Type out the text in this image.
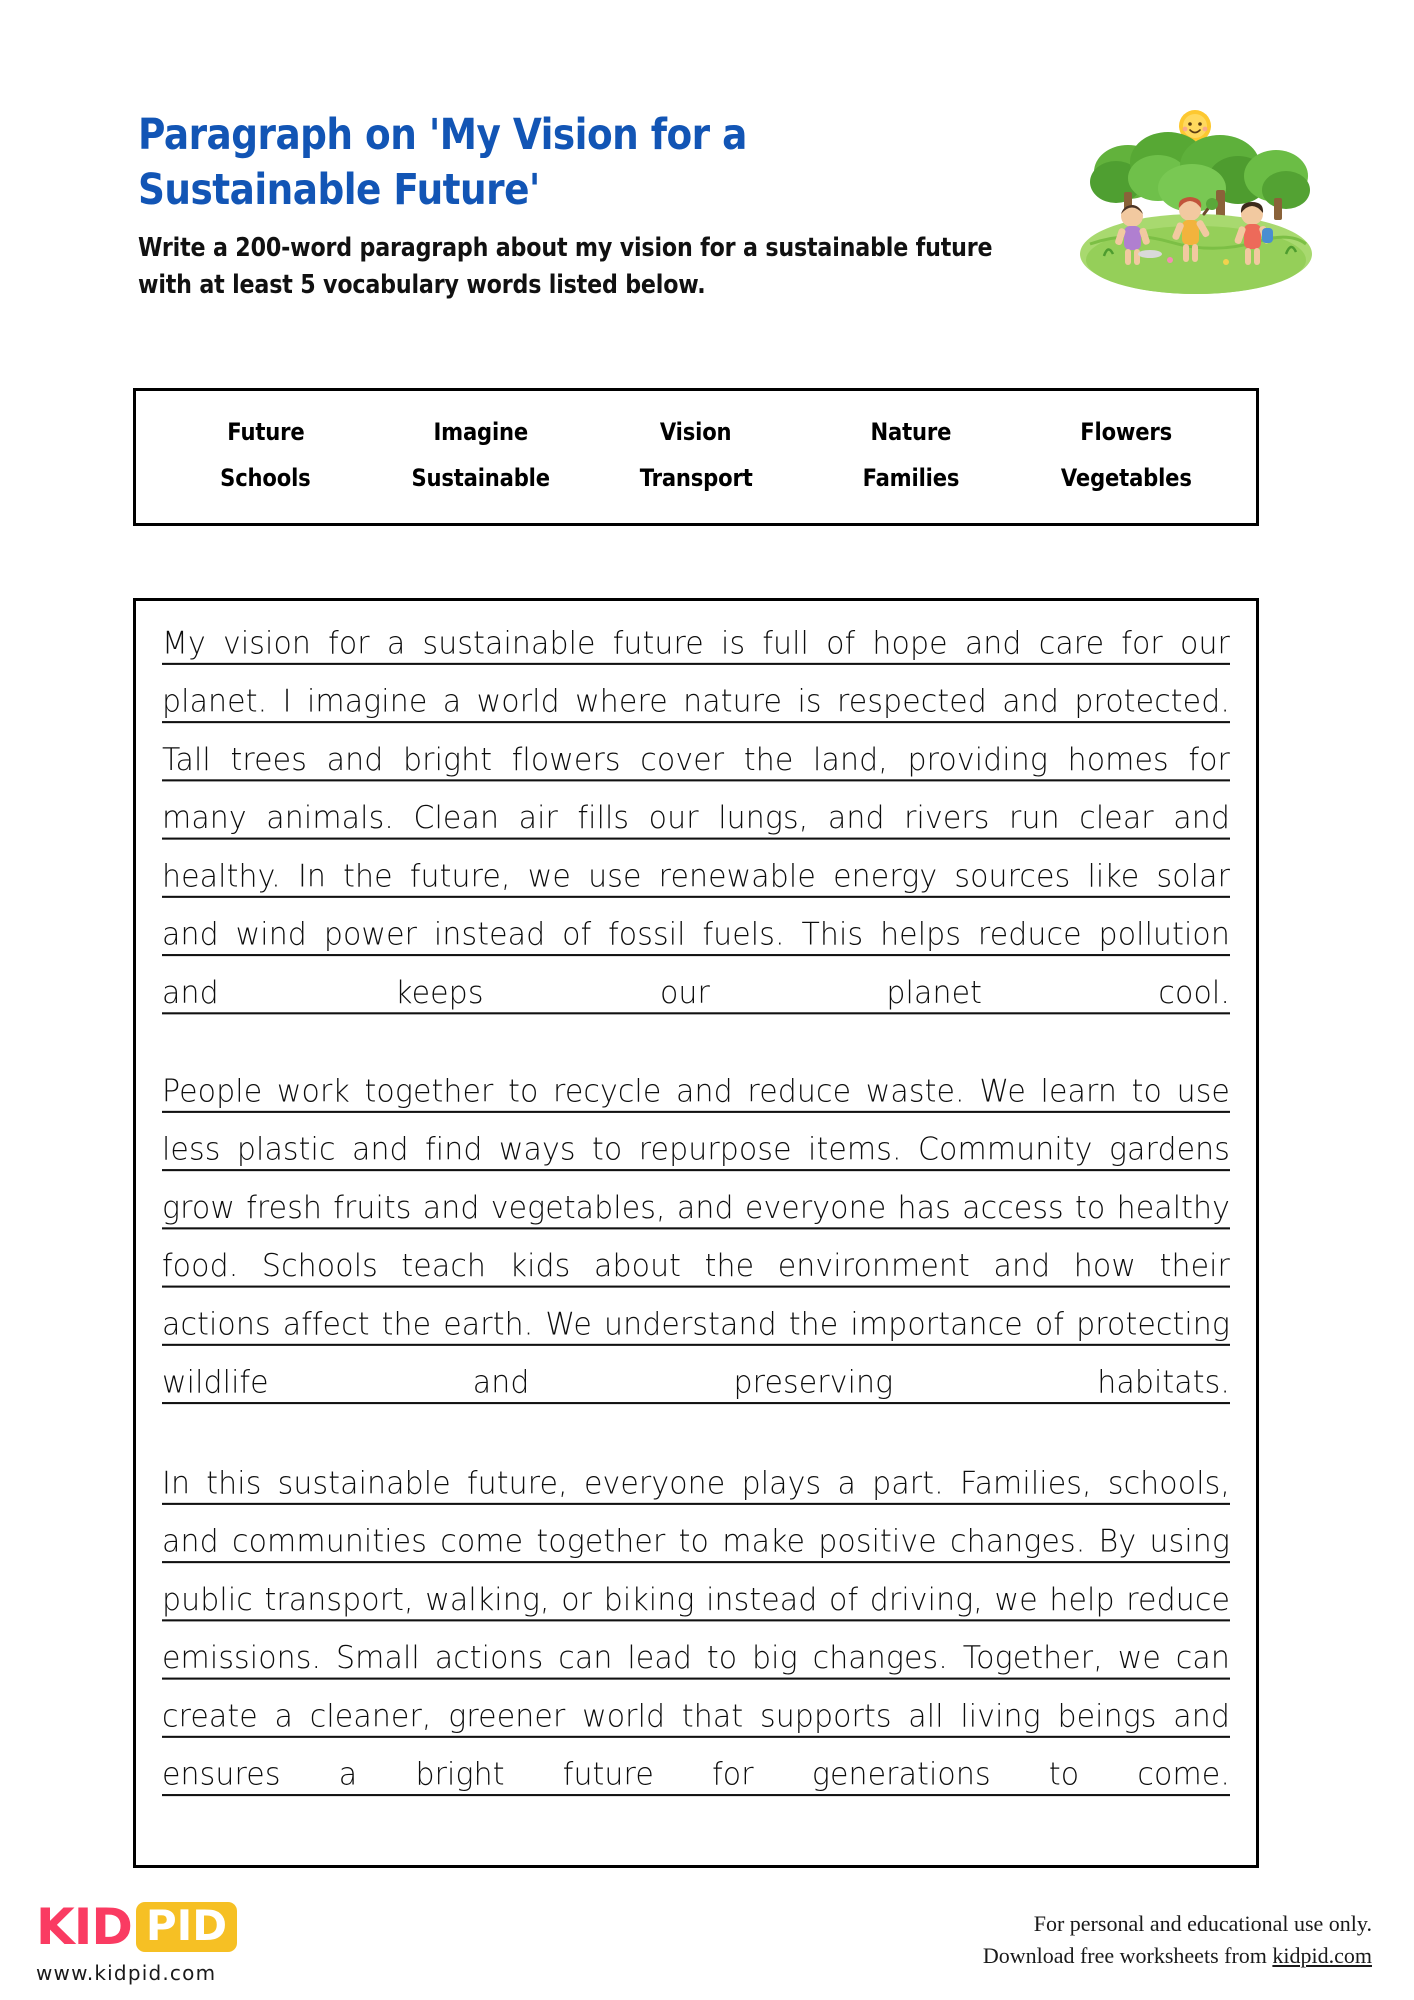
Paragraph on 'My Vision for a Sustainable Future'
Write a 200-word paragraph about my vision for a sustainable future with at least 5 vocabulary words listed below.
Future	Imagine	Vision	Nature	Flowers
Schools	Sustainable	Transport	Families	Vegetables

My vision for a sustainable future is full of hope and care for our planet. I imagine a world where nature is respected and protected. Tall trees and bright flowers cover the land, providing homes for many animals. Clean air fills our lungs, and rivers run clear and healthy. In the future, we use renewable energy sources like solar and wind power instead of fossil fuels. This helps reduce pollution and keeps our planet cool.

People work together to recycle and reduce waste. We learn to use less plastic and find ways to repurpose items. Community gardens grow fresh fruits and vegetables, and everyone has access to healthy food. Schools teach kids about the environment and how their actions affect the earth. We understand the importance of protecting wildlife and preserving habitats.

In this sustainable future, everyone plays a part. Families, schools, and communities come together to make positive changes. By using public transport, walking, or biking instead of driving, we help reduce emissions. Small actions can lead to big changes. Together, we can create a cleaner, greener world that supports all living beings and ensures a bright future for generations to come.

KID PID
www.kidpid.com
For personal and educational use only.
Download free worksheets from kidpid.com
